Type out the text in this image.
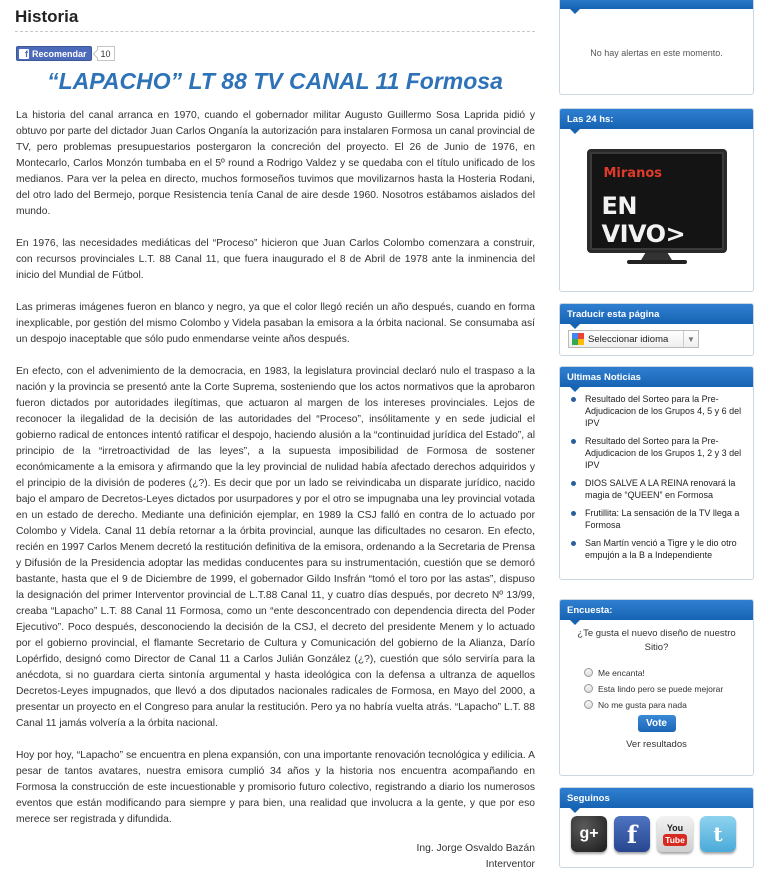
Historia
f Recomendar	10
“LAPACHO” LT 88 TV CANAL 11 Formosa

La historia del canal arranca en 1970, cuando el gobernador militar Augusto Guillermo Sosa Laprida pidió y obtuvo por parte del dictador Juan Carlos Onganía la autorización para instalaren Formosa un canal provincial de TV, pero problemas presupuestarios postergaron la concreción del proyecto. El 26 de Junio de 1976, en Montecarlo, Carlos Monzón tumbaba en el 5º round a Rodrigo Valdez y se quedaba con el título unificado de los medianos. Para ver la pelea en directo, muchos formoseños tuvimos que movilizarnos hasta la Hosteria Rodani, del otro lado del Bermejo, porque Resistencia tenía Canal de aire desde 1960. Nosotros estábamos aislados del mundo.

En 1976, las necesidades mediáticas del “Proceso” hicieron que Juan Carlos Colombo comenzara a construir, con recursos provinciales L.T. 88 Canal 11, que fuera inaugurado el 8 de Abril de 1978 ante la inminencia del inicio del Mundial de Fútbol.

Las primeras imágenes fueron en blanco y negro, ya que el color llegó recién un año después, cuando en forma inexplicable, por gestión del mismo Colombo y Videla pasaban la emisora a la órbita nacional. Se consumaba así un despojo inaceptable que sólo pudo enmendarse veinte años después.

En efecto, con el advenimiento de la democracia, en 1983, la legislatura provincial declaró nulo el traspaso a la nación y la provincia se presentó ante la Corte Suprema, sosteniendo que los actos normativos que la aprobaron fueron dictados por autoridades ilegítimas, que actuaron al margen de los intereses provinciales. Lejos de reconocer la ilegalidad de la decisión de las autoridades del “Proceso”, insólitamente y en sede judicial el gobierno radical de entonces intentó ratificar el despojo, haciendo alusión a la “continuidad jurídica del Estado”, al principio de la “irretroactividad de las leyes”, a la supuesta imposibilidad de Formosa de sostener económicamente a la emisora y afirmando que la ley provincial de nulidad había afectado derechos adquiridos y el principio de la división de poderes (¿?). Es decir que por un lado se reivindicaba un disparate jurídico, nacido bajo el amparo de Decretos-Leyes dictados por usurpadores y por el otro se impugnaba una ley provincial votada en un estado de derecho. Mediante una definición ejemplar, en 1989 la CSJ falló en contra de lo actuado por Colombo y Videla. Canal 11 debía retornar a la órbita provincial, aunque las dificultades no cesaron. En efecto, recién en 1997 Carlos Menem decretó la restitución definitiva de la emisora, ordenando a la Secretaria de Prensa y Difusión de la Presidencia adoptar las medidas conducentes para su instrumentación, cuestión que se demoró bastante, hasta que el 9 de Diciembre de 1999, el gobernador Gildo Insfrán “tomó el toro por las astas”, dispuso la designación del primer Interventor provincial de L.T.88 Canal 11, y cuatro días después, por decreto Nº 13/99, creaba “Lapacho” L.T. 88 Canal 11 Formosa, como un “ente desconcentrado con dependencia directa del Poder Ejecutivo”. Poco después, desconociendo la decisión de la CSJ, el decreto del presidente Menem y lo actuado por el gobierno provincial, el flamante Secretario de Cultura y Comunicación del gobierno de la Alianza, Darío Lopérfido, designó como Director de Canal 11 a Carlos Julián González (¿?), cuestión que sólo serviría para la anécdota, si no guardara cierta sintonía argumental y hasta ideológica con la defensa a ultranza de aquellos Decretos-Leyes impugnados, que llevó a dos diputados nacionales radicales de Formosa, en Mayo del 2000, a presentar un proyecto en el Congreso para anular la restitución. Pero ya no habría vuelta atrás. “Lapacho” L.T. 88 Canal 11 jamás volvería a la órbita nacional.

Hoy por hoy, “Lapacho” se encuentra en plena expansión, con una importante renovación tecnológica y edilicia. A pesar de tantos avatares, nuestra emisora cumplió 34 años y la historia nos encuentra acompañando en Formosa la construcción de este incuestionable y promisorio futuro colectivo, registrando a diario los numerosos eventos que están modificando para siempre y para bien, una realidad que involucra a la gente, y que por eso merece ser registrada y difundida.

Ing. Jorge Osvaldo Bazán
Interventor
No hay alertas en este momento.
Las 24 hs:
Miranos
EN VIVO>
Traducir esta página
Seleccionar idioma	▼
Ultimas Noticias
Resultado del Sorteo para la Pre-Adjudicacion de los Grupos 4, 5 y 6 del IPV
Resultado del Sorteo para la Pre-Adjudicacion de los Grupos 1, 2 y 3 del IPV
DIOS SALVE A LA REINA renovará la magia de “QUEEN” en Formosa
Frutillita: La sensación de la TV llega a Formosa
San Martín venció a Tigre y le dio otro empujón a la B a Independiente
Encuesta:
¿Te gusta el nuevo diseño de nuestro Sitio?
Me encanta!
Esta lindo pero se puede mejorar
No me gusta para nada
Vote
Ver resultados
Seguinos
g+	f	You
Tube	t
